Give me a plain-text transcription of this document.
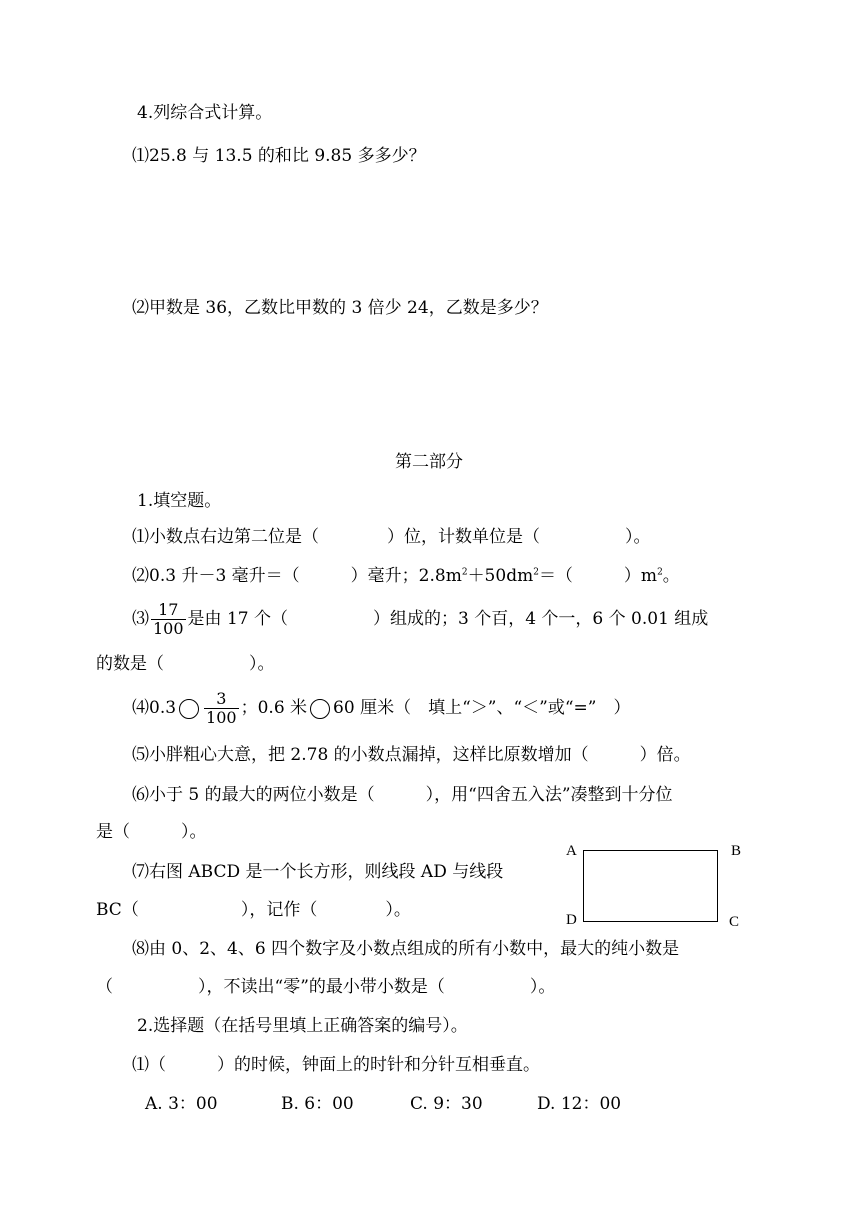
4.列综合式计算。
⑴25.8 与 13.5 的和比 9.85 多多少？
⑵甲数是 36，乙数比甲数的 3 倍少 24，乙数是多少？
第二部分
1.填空题。
⑴小数点右边第二位是（　　　　）位，计数单位是（　　　　　）。
⑵0.3 升－3 毫升＝（　　　）毫升；$2.8m^2+50dm^2=$（　　　）$m^2$。
⑶ $\frac{17}{100}$ 是由 17 个（　　　　　）组成的；3 个百，4 个一，6 个 0.01 组成
的数是（　　　　　）。
⑷0.3 $\frac{3}{100}$ ；0.6 米 60 厘米（　填上“＞”、“＜”或“=”　）
⑸小胖粗心大意，把 2.78 的小数点漏掉，这样比原数增加（　　　）倍。
⑹小于 5 的最大的两位小数是（　　　），用“四舍五入法”凑整到十分位
是（　　　）。
⑺右图 ABCD 是一个长方形，则线段 AD 与线段
BC（　　　　　　），记作（　　　　）。
A	B
C
D
⑻由 0、2、4、6 四个数字及小数点组成的所有小数中，最大的纯小数是
（　　　　　），不读出“零”的最小带小数是（　　　　　）。
2.选择题（在括号里填上正确答案的编号）。
⑴（　　　）的时候，钟面上的时针和分针互相垂直。
A. 3：00	B. 6：00	C. 9：30	D. 12：00
